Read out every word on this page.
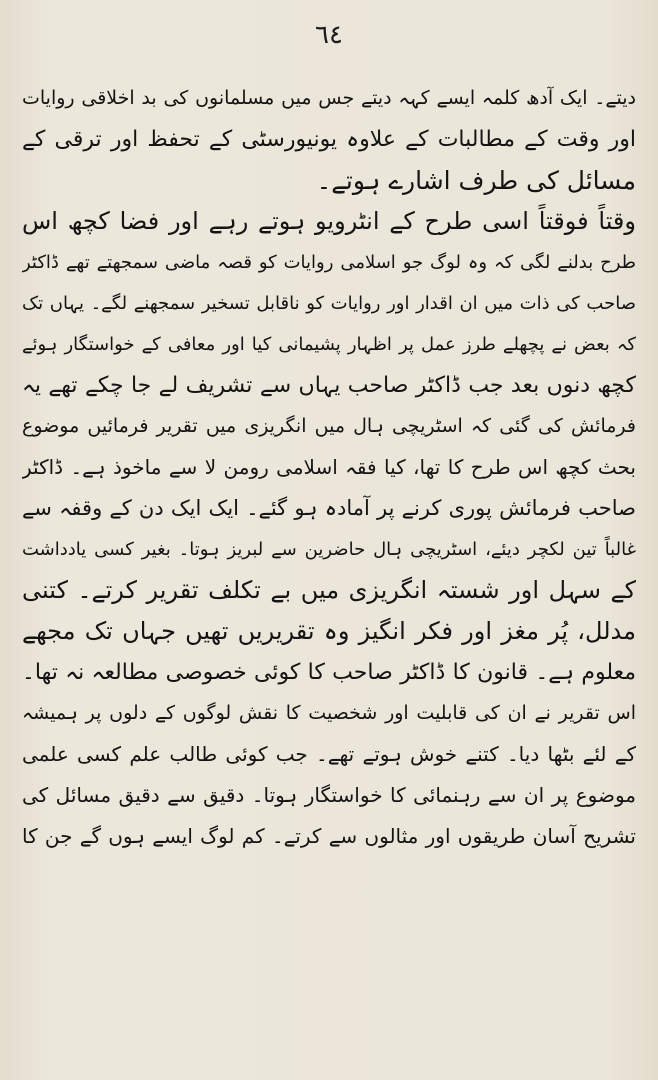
٦٤
دیتے۔ ایک آدھ کلمہ ایسے کہہ دیتے جس میں مسلمانوں کی بد اخلاقی روایات
اور وقت کے مطالبات کے علاوہ یونیورسٹی کے تحفظ اور ترقی کے
مسائل کی طرف اشارے ہوتے۔
وقتاً فوقتاً اسی طرح کے انٹرویو ہوتے رہے اور فضا کچھ اس
طرح بدلنے لگی کہ وہ لوگ جو اسلامی روایات کو قصہ ماضی سمجھتے تھے ڈاکٹر
صاحب کی ذات میں ان اقدار اور روایات کو ناقابل تسخیر سمجھنے لگے۔ یہاں تک
کہ بعض نے پچھلے طرز عمل پر اظہار پشیمانی کیا اور معافی کے خواستگار ہوئے
کچھ دنوں بعد جب ڈاکٹر صاحب یہاں سے تشریف لے جا چکے تھے یہ
فرمائش کی گئی کہ اسٹریچی ہال میں انگریزی میں تقریر فرمائیں موضوع
بحث کچھ اس طرح کا تھا، کیا فقہ اسلامی رومن لا سے ماخوذ ہے۔ ڈاکٹر
صاحب فرمائش پوری کرنے پر آمادہ ہو گئے۔ ایک ایک دن کے وقفہ سے
غالباً تین لکچر دیئے، اسٹریچی ہال حاضرین سے لبریز ہوتا۔ بغیر کسی یادداشت
کے سہل اور شستہ انگریزی میں بے تکلف تقریر کرتے۔ کتنی
مدلل، پُر مغز اور فکر انگیز وہ تقریریں تھیں جہاں تک مجھے
معلوم ہے۔ قانون کا ڈاکٹر صاحب کا کوئی خصوصی مطالعہ نہ تھا۔
اس تقریر نے ان کی قابلیت اور شخصیت کا نقش لوگوں کے دلوں پر ہمیشہ
کے لئے بٹھا دیا۔ کتنے خوش ہوتے تھے۔ جب کوئی طالب علم کسی علمی
موضوع پر ان سے رہنمائی کا خواستگار ہوتا۔ دقیق سے دقیق مسائل کی
تشریح آسان طریقوں اور مثالوں سے کرتے۔ کم لوگ ایسے ہوں گے جن کا
